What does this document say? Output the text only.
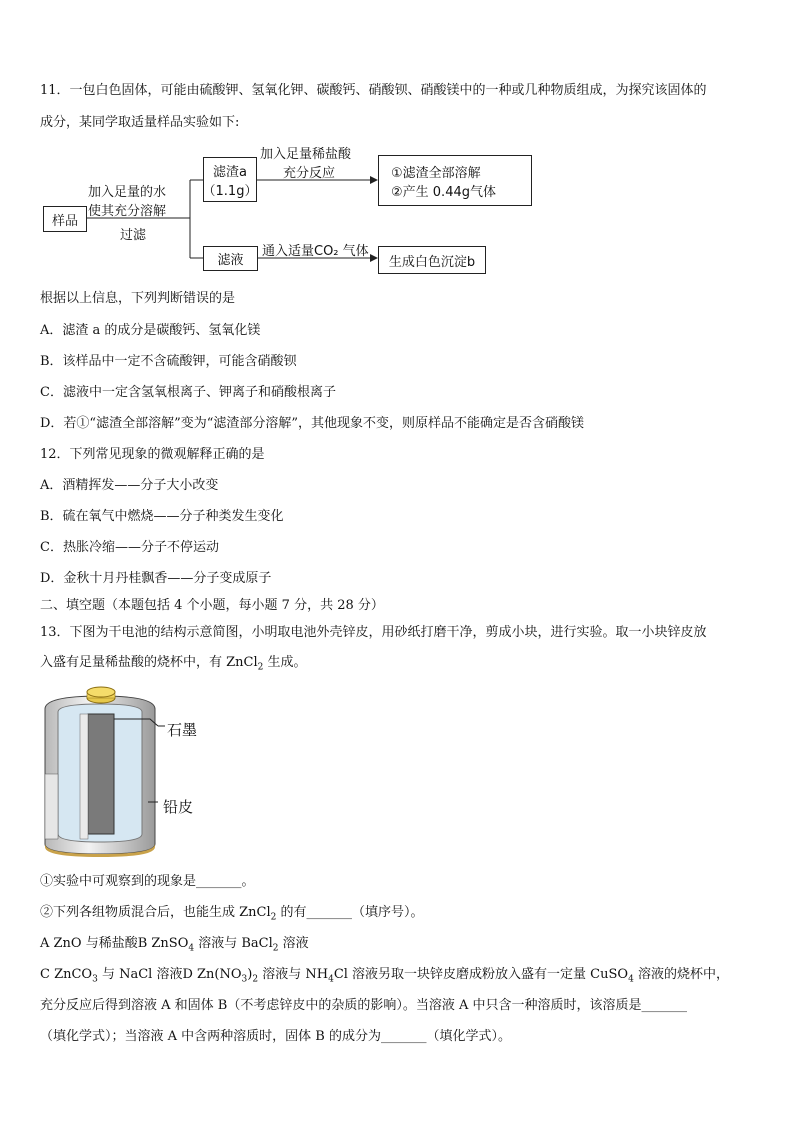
11．一包白色固体，可能由硫酸钾、氢氧化钾、碳酸钙、硝酸钡、硝酸镁中的一种或几种物质组成，为探究该固体的
成分，某同学取适量样品实验如下:
样品
加入足量的水
使其充分溶解
过滤
滤渣a
（1.1g）
加入足量稀盐酸
充分反应	①滤渣全部溶解
②产生 0.44g气体
滤液
通入适量CO₂ 气体
生成白色沉淀b
根据以上信息，下列判断错误的是
A．滤渣 a 的成分是碳酸钙、氢氧化镁
B．该样品中一定不含硫酸钾，可能含硝酸钡
C．滤液中一定含氢氧根离子、钾离子和硝酸根离子
D．若①“滤渣全部溶解”变为“滤渣部分溶解”，其他现象不变，则原样品不能确定是否含硝酸镁
12．下列常见现象的微观解释正确的是
A．酒精挥发——分子大小改变
B．硫在氧气中燃烧——分子种类发生变化
C．热胀冷缩——分子不停运动
D．金秋十月丹桂飘香——分子变成原子
二、填空题（本题包括 4 个小题，每小题 7 分，共 28 分）
13．下图为干电池的结构示意简图，小明取电池外壳锌皮，用砂纸打磨干净，剪成小块，进行实验。取一小块锌皮放
入盛有足量稀盐酸的烧杯中，有 ZnCl$_2$ 生成。
石墨
铅皮
①实验中可观察到的现象是_______。
②下列各组物质混合后，也能生成 ZnCl$_2$ 的有_______（填序号）。
A ZnO 与稀盐酸B ZnSO$_4$ 溶液与 BaCl$_2$ 溶液
C ZnCO$_3$ 与 NaCl 溶液D $Zn(NO_3)_2$ 溶液与 $NH_4Cl$ 溶液另取一块锌皮磨成粉放入盛有一定量 CuSO$_4$ 溶液的烧杯中，
充分反应后得到溶液 A 和固体 B（不考虑锌皮中的杂质的影响）。当溶液 A 中只含一种溶质时，该溶质是_______
（填化学式）；当溶液 A 中含两种溶质时，固体 B 的成分为_______（填化学式）。
